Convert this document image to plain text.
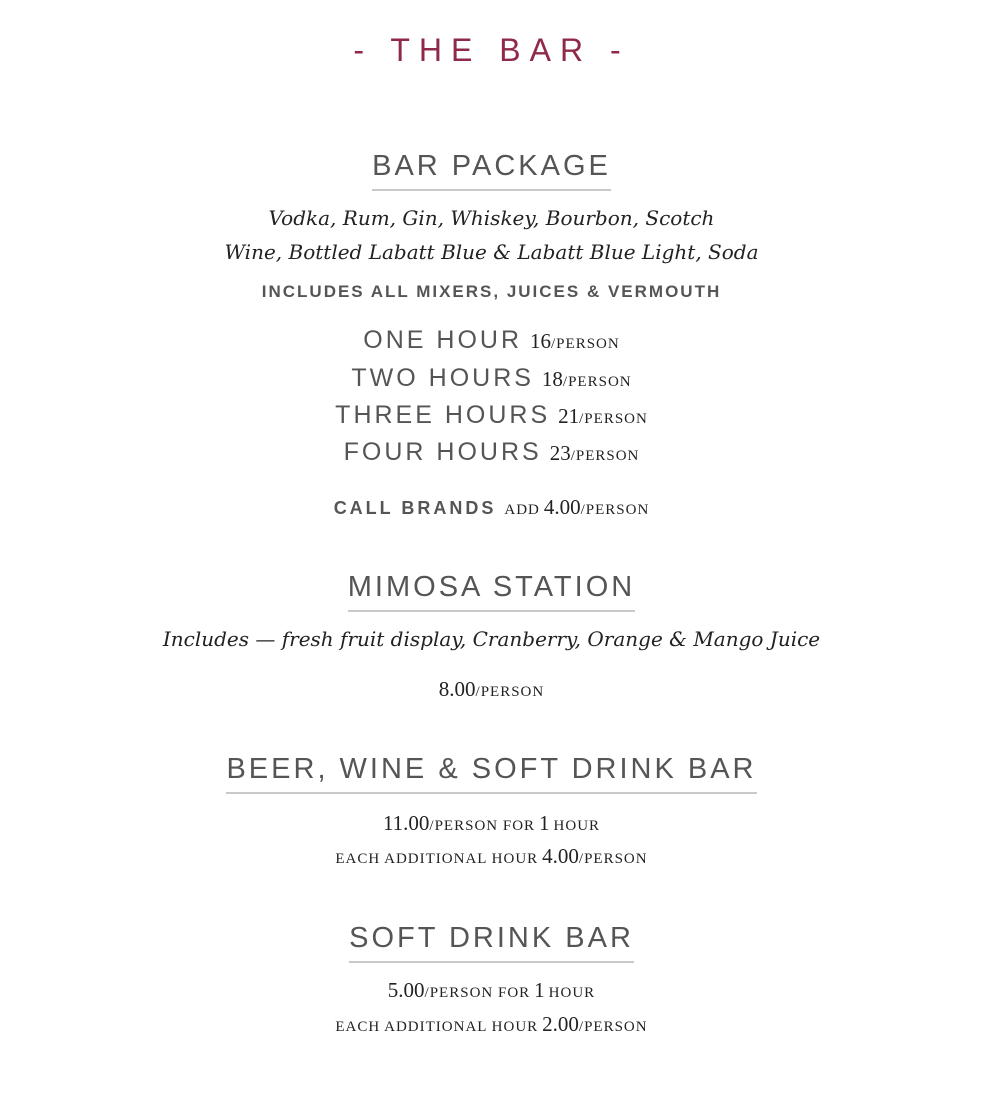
- THE BAR -
BAR PACKAGE
Vodka, Rum, Gin, Whiskey, Bourbon, Scotch
Wine, Bottled Labatt Blue & Labatt Blue Light, Soda
INCLUDES ALL MIXERS, JUICES & VERMOUTH
ONE HOUR 16/PERSON
TWO HOURS 18/PERSON
THREE HOURS 21/PERSON
FOUR HOURS 23/PERSON
CALL BRANDS ADD 4.00/PERSON
MIMOSA STATION
Includes — fresh fruit display, Cranberry, Orange & Mango Juice
8.00/PERSON
BEER, WINE & SOFT DRINK BAR
11.00/PERSON FOR 1 HOUR
EACH ADDITIONAL HOUR 4.00/PERSON
SOFT DRINK BAR
5.00/PERSON FOR 1 HOUR
EACH ADDITIONAL HOUR 2.00/PERSON
